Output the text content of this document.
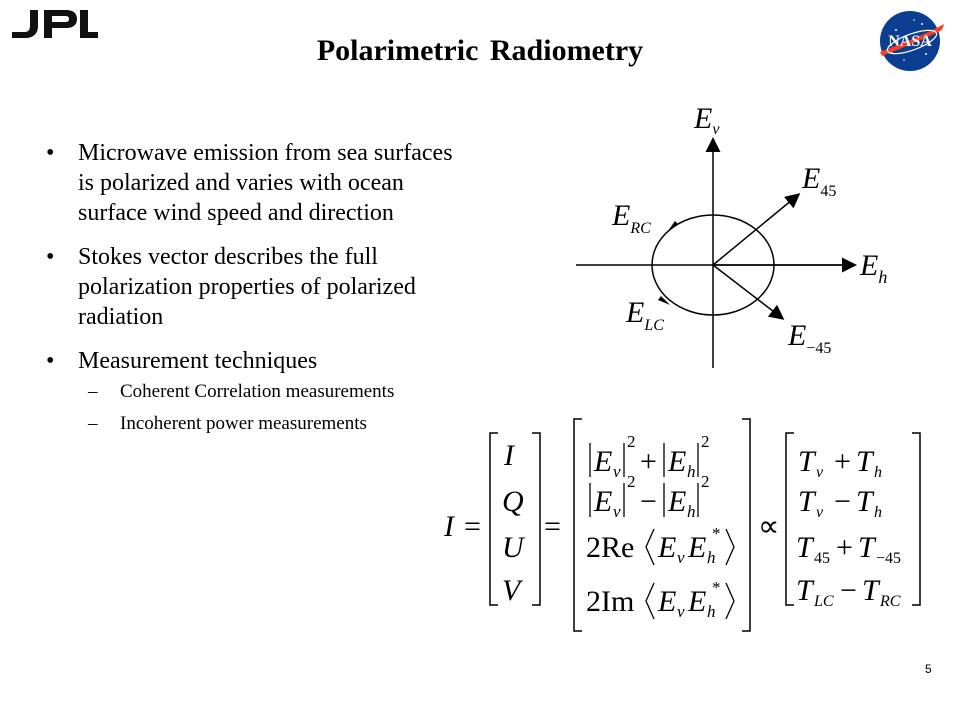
NASA
Polarimetric Radiometry
• Microwave emission from sea surfaces is polarized and varies with ocean surface wind speed and direction
• Stokes vector describes the full polarization properties of polarized radiation
• Measurement techniques
– Coherent Correlation measurements
– Incoherent power measurements
$E_v$
$E_{45}$
$E_{RC}$
$E_h$
$E_{LC}$	$E_{-45}$
I =
I
Q
U
V
=
E v
2
+ E h
2
E v
2
− E h
2
2Re E v E h
*
2Im E v E h
*
∝
T v + T h
T v − T h
T 45 + T −45
T LC − T RC
5
